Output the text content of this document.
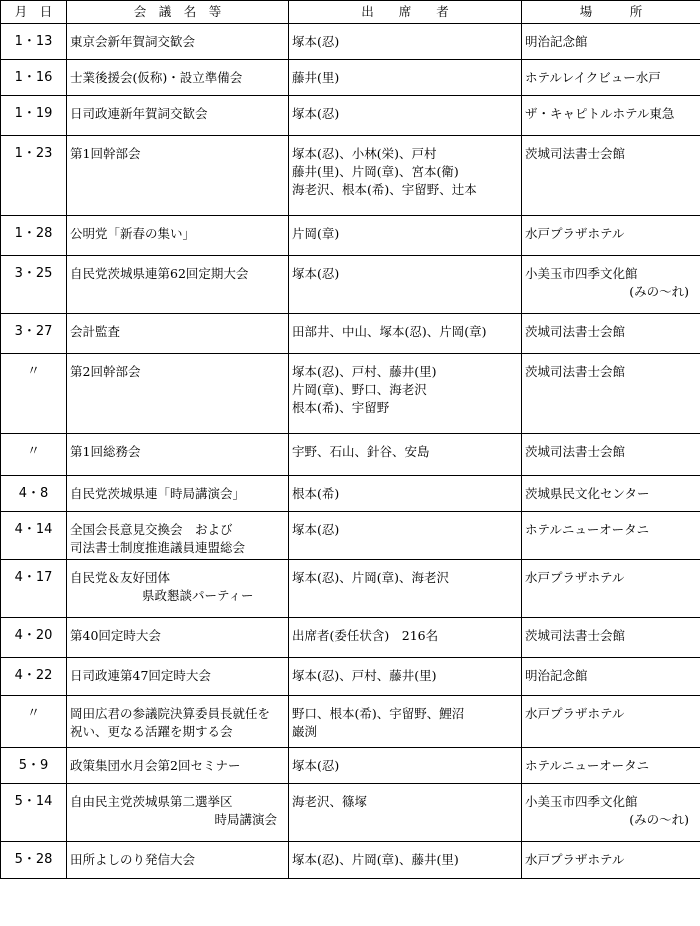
月　日	会　議　名　等	出　　席　　者	場　　　所
1・13	東京会新年賀詞交歓会	塚本(忍)	明治記念館

1・16	士業後援会(仮称)・設立準備会	藤井(里)	ホテルレイクビュー水戸

1・19	日司政連新年賀詞交歓会	塚本(忍)	ザ・キャピトルホテル東急

1・23	第1回幹部会	塚本(忍)、小林(栄)、戸村
藤井(里)、片岡(章)、宮本(衛)
海老沢、根本(希)、宇留野、辻本	茨城司法書士会館

1・28	公明党「新春の集い」	片岡(章)	水戸プラザホテル

3・25	自民党茨城県連第62回定期大会	塚本(忍)	小美玉市四季文化館
(みの～れ)

3・27	会計監査	田部井、中山、塚本(忍)、片岡(章)	茨城司法書士会館

〃	第2回幹部会	塚本(忍)、戸村、藤井(里)
片岡(章)、野口、海老沢
根本(希)、宇留野	茨城司法書士会館

〃	第1回総務会	宇野、石山、針谷、安島	茨城司法書士会館

4・8	自民党茨城県連「時局講演会」	根本(希)	茨城県民文化センター

4・14	全国会長意見交換会　および
司法書士制度推進議員連盟総会	塚本(忍)	ホテルニューオータニ

4・17	自民党＆友好団体
県政懇談パーティー	塚本(忍)、片岡(章)、海老沢	水戸プラザホテル

4・20	第40回定時大会	出席者(委任状含)　216名	茨城司法書士会館

4・22	日司政連第47回定時大会	塚本(忍)、戸村、藤井(里)	明治記念館

〃	岡田広君の参議院決算委員長就任を
祝い、更なる活躍を期する会	野口、根本(希)、宇留野、鯉沼
巌渕	水戸プラザホテル

5・9	政策集団水月会第2回セミナー	塚本(忍)	ホテルニューオータニ

5・14	自由民主党茨城県第二選挙区
時局講演会	海老沢、篠塚	小美玉市四季文化館
(みの～れ)

5・28	田所よしのり発信大会	塚本(忍)、片岡(章)、藤井(里)	水戸プラザホテル
